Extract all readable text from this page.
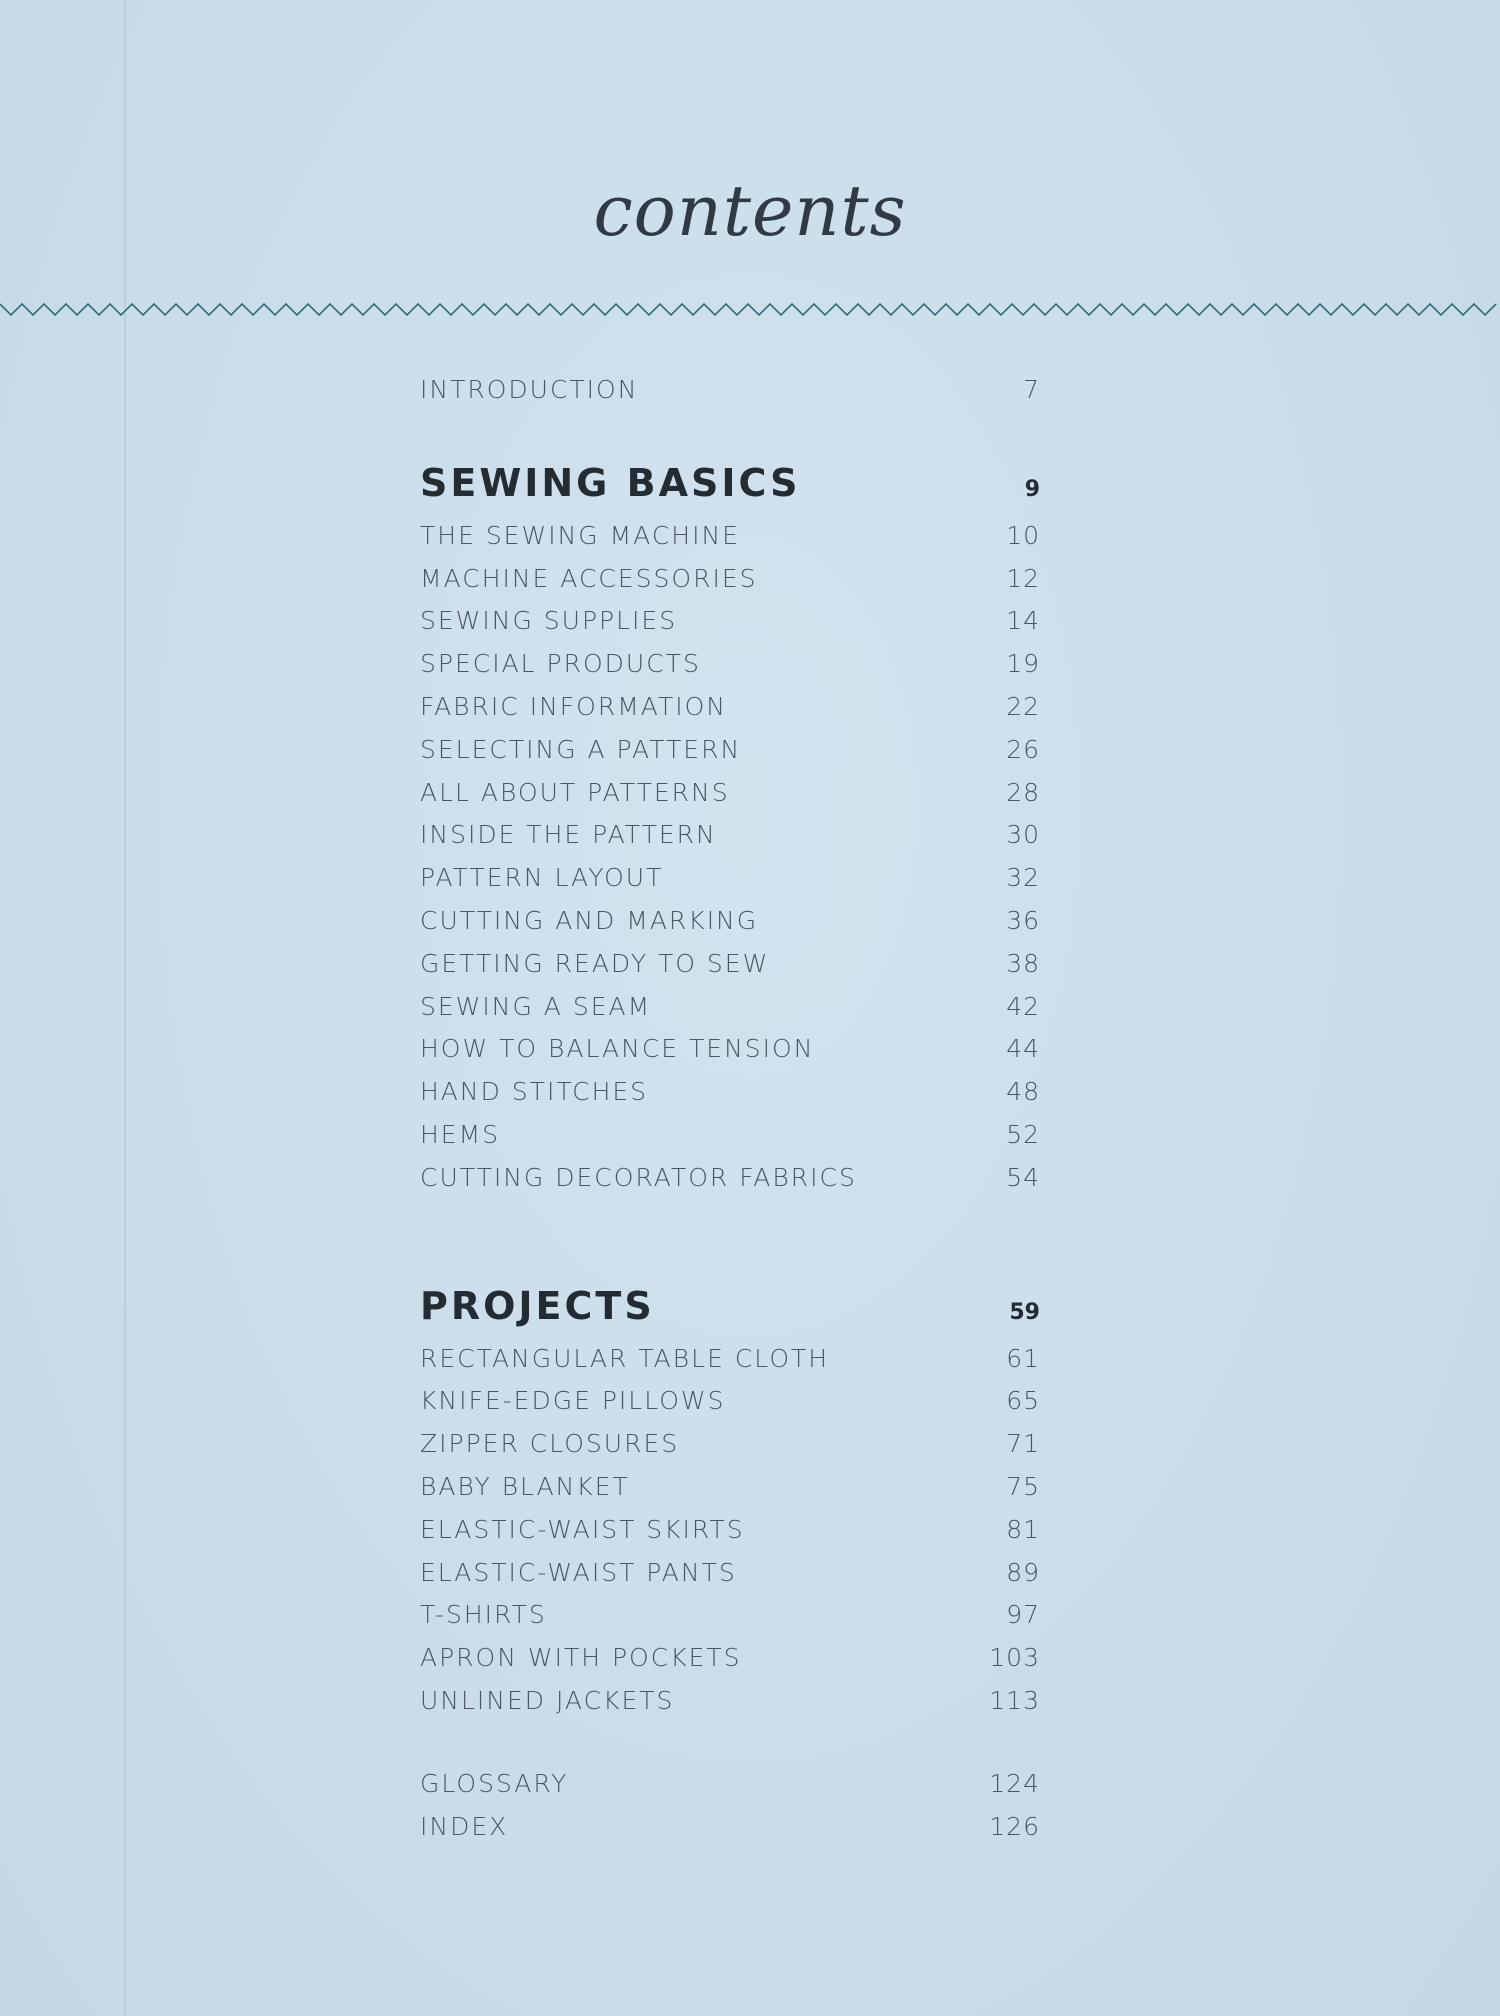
contents
INTRODUCTION	7
SEWING BASICS	9
THE SEWING MACHINE	10
MACHINE ACCESSORIES	12
SEWING SUPPLIES	14
SPECIAL PRODUCTS	19
FABRIC INFORMATION	22
SELECTING A PATTERN	26
ALL ABOUT PATTERNS	28
INSIDE THE PATTERN	30
PATTERN LAYOUT	32
CUTTING AND MARKING	36
GETTING READY TO SEW	38
SEWING A SEAM	42
HOW TO BALANCE TENSION	44
HAND STITCHES	48
HEMS	52
CUTTING DECORATOR FABRICS	54
PROJECTS	59
RECTANGULAR TABLE CLOTH	61
KNIFE-EDGE PILLOWS	65
ZIPPER CLOSURES	71
BABY BLANKET	75
ELASTIC-WAIST SKIRTS	81
ELASTIC-WAIST PANTS	89
T-SHIRTS	97
APRON WITH POCKETS	103
UNLINED JACKETS	113
GLOSSARY	124
INDEX	126
